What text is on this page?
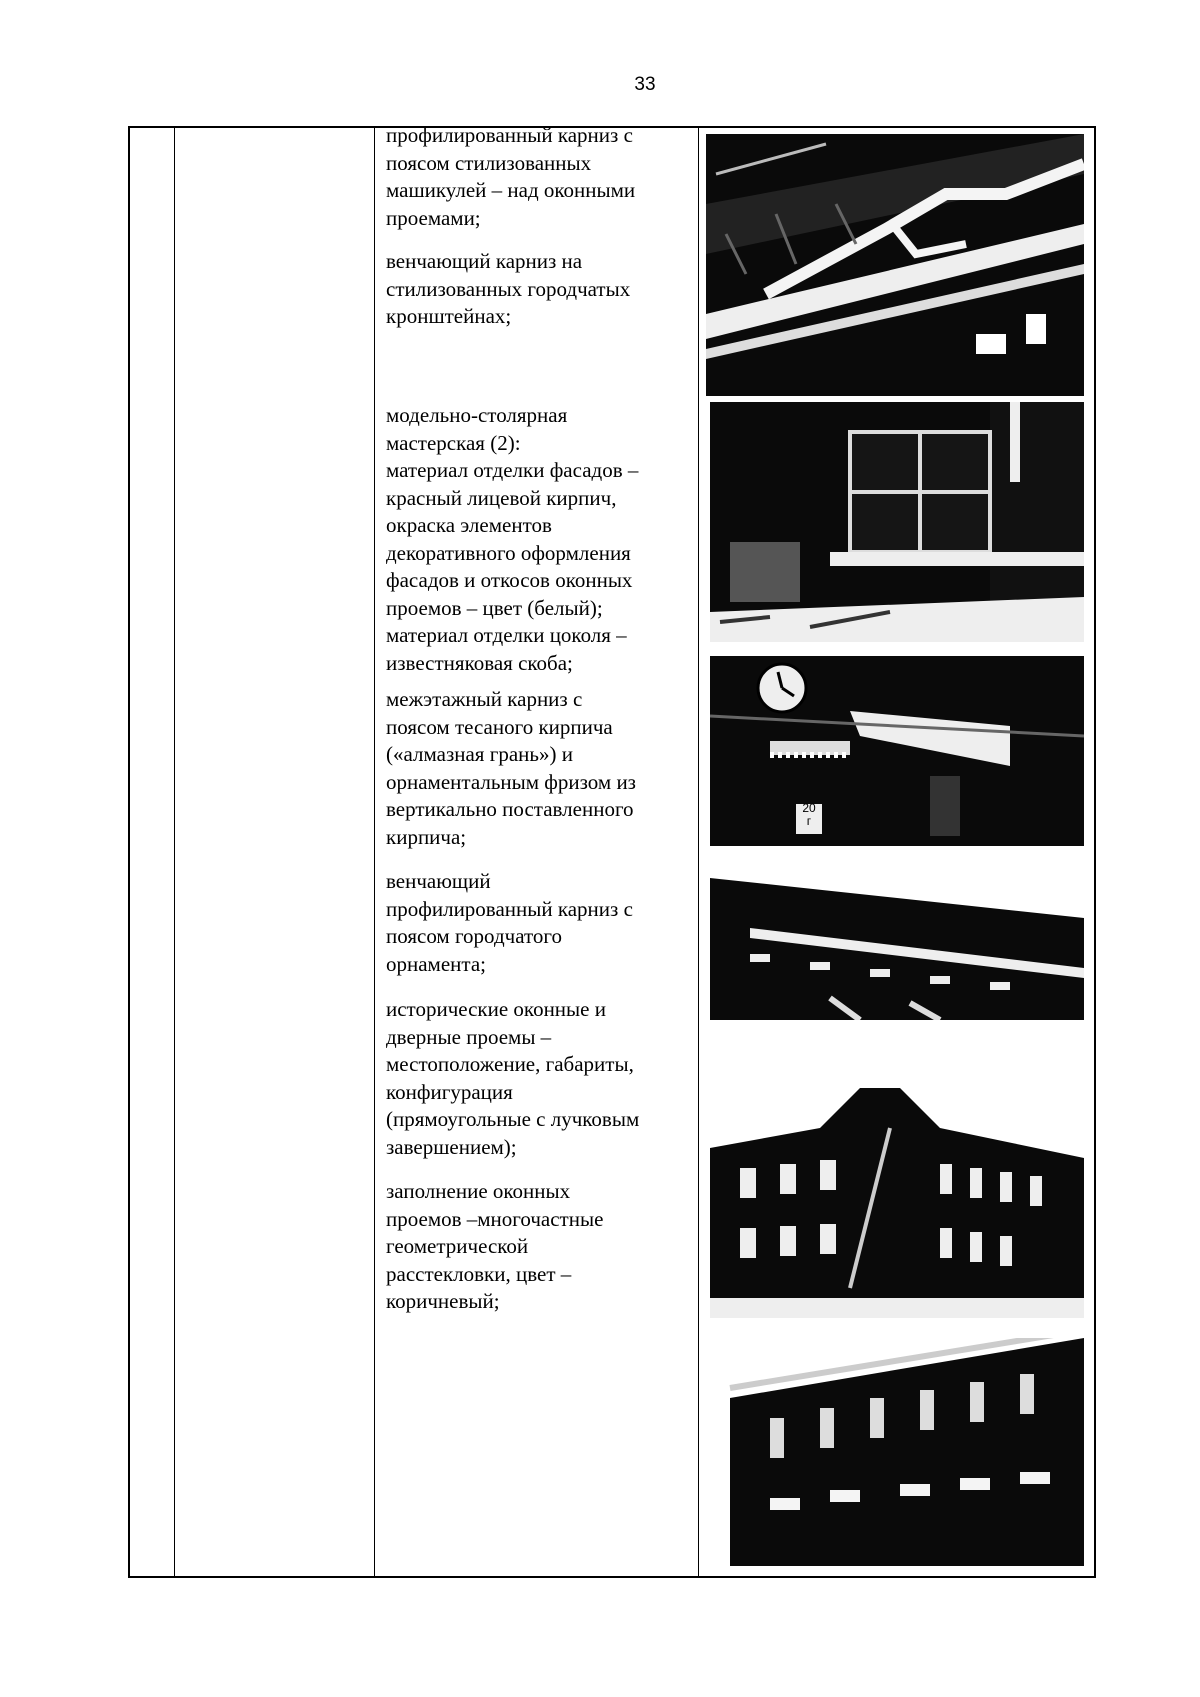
33

профилированный карниз с
поясом стилизованных
машикулей – над оконными
проемами;

венчающий карниз на
стилизованных городчатых
кронштейнах;

модельно-столярная
мастерская (2):
материал отделки фасадов –
красный лицевой кирпич,
окраска элементов
декоративного оформления
фасадов и откосов оконных
проемов – цвет (белый);
материал отделки цоколя –
известняковая скоба;

межэтажный карниз с
поясом тесаного кирпича
(«алмазная грань») и
орнаментальным фризом из
вертикально поставленного
кирпича;

венчающий
профилированный карниз с
поясом городчатого
орнамента;

исторические оконные и
дверные проемы –
местоположение, габариты,
конфигурация
(прямоугольные с лучковым
завершением);

заполнение оконных
проемов –многочастные
геометрической
расстекловки, цвет –
коричневый;

20
г
